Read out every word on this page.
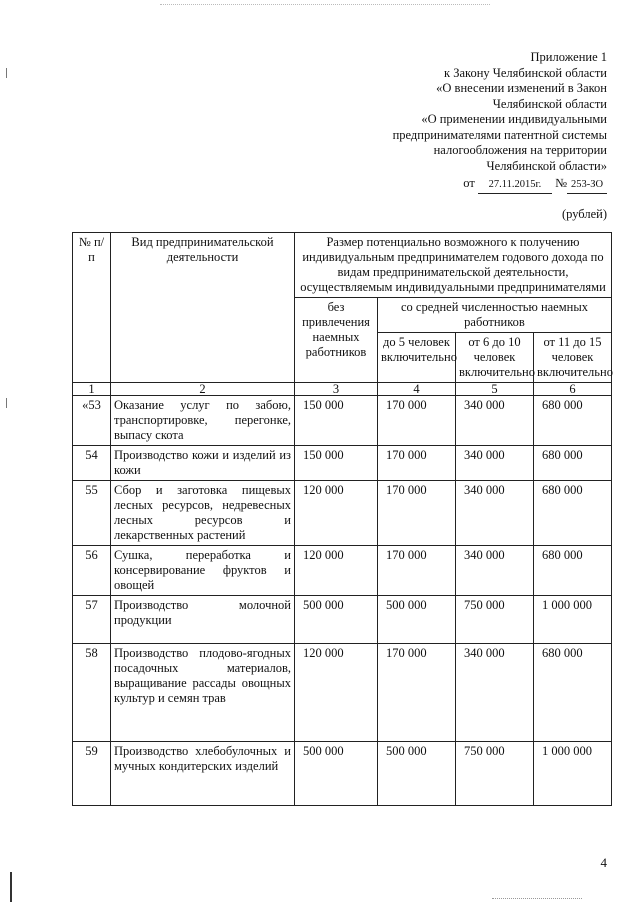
Приложение 1
к Закону Челябинской области
«О внесении изменений в Закон
Челябинской области
«О применении индивидуальными
предпринимателями патентной системы
налогообложения на территории
Челябинской области»
от 27.11.2015г. № 253-ЗО
(рублей)
№ п/п	Вид предпринимательской деятельности	Размер потенциально возможного к получению индивидуальным предпринимателем годового дохода по видам предпринимательской деятельности, осуществляемым индивидуальными предпринимателями			
		без привлечения наемных работников	со средней численностью наемных работников		
			до 5 человек включительно	от 6 до 10 человек включительно	от 11 до 15 человек включительно
1	2	3	4	5	6
«53	Оказание услуг по забою, транспортировке, перегонке, выпасу скота	150 000	170 000	340 000	680 000
54	Производство кожи и изделий из кожи	150 000	170 000	340 000	680 000
55	Сбор и заготовка пищевых лесных ресурсов, недревесных лесных ресурсов и лекарственных растений	120 000	170 000	340 000	680 000
56	Сушка, переработка и консервирование фруктов и овощей	120 000	170 000	340 000	680 000
57	Производство молочной продукции	500 000	500 000	750 000	1 000 000
58	Производство плодово-ягодных посадочных материалов, выращивание рассады овощных культур и семян трав	120 000	170 000	340 000	680 000
59	Производство хлебобулочных и мучных кондитерских изделий	500 000	500 000	750 000	1 000 000
4
